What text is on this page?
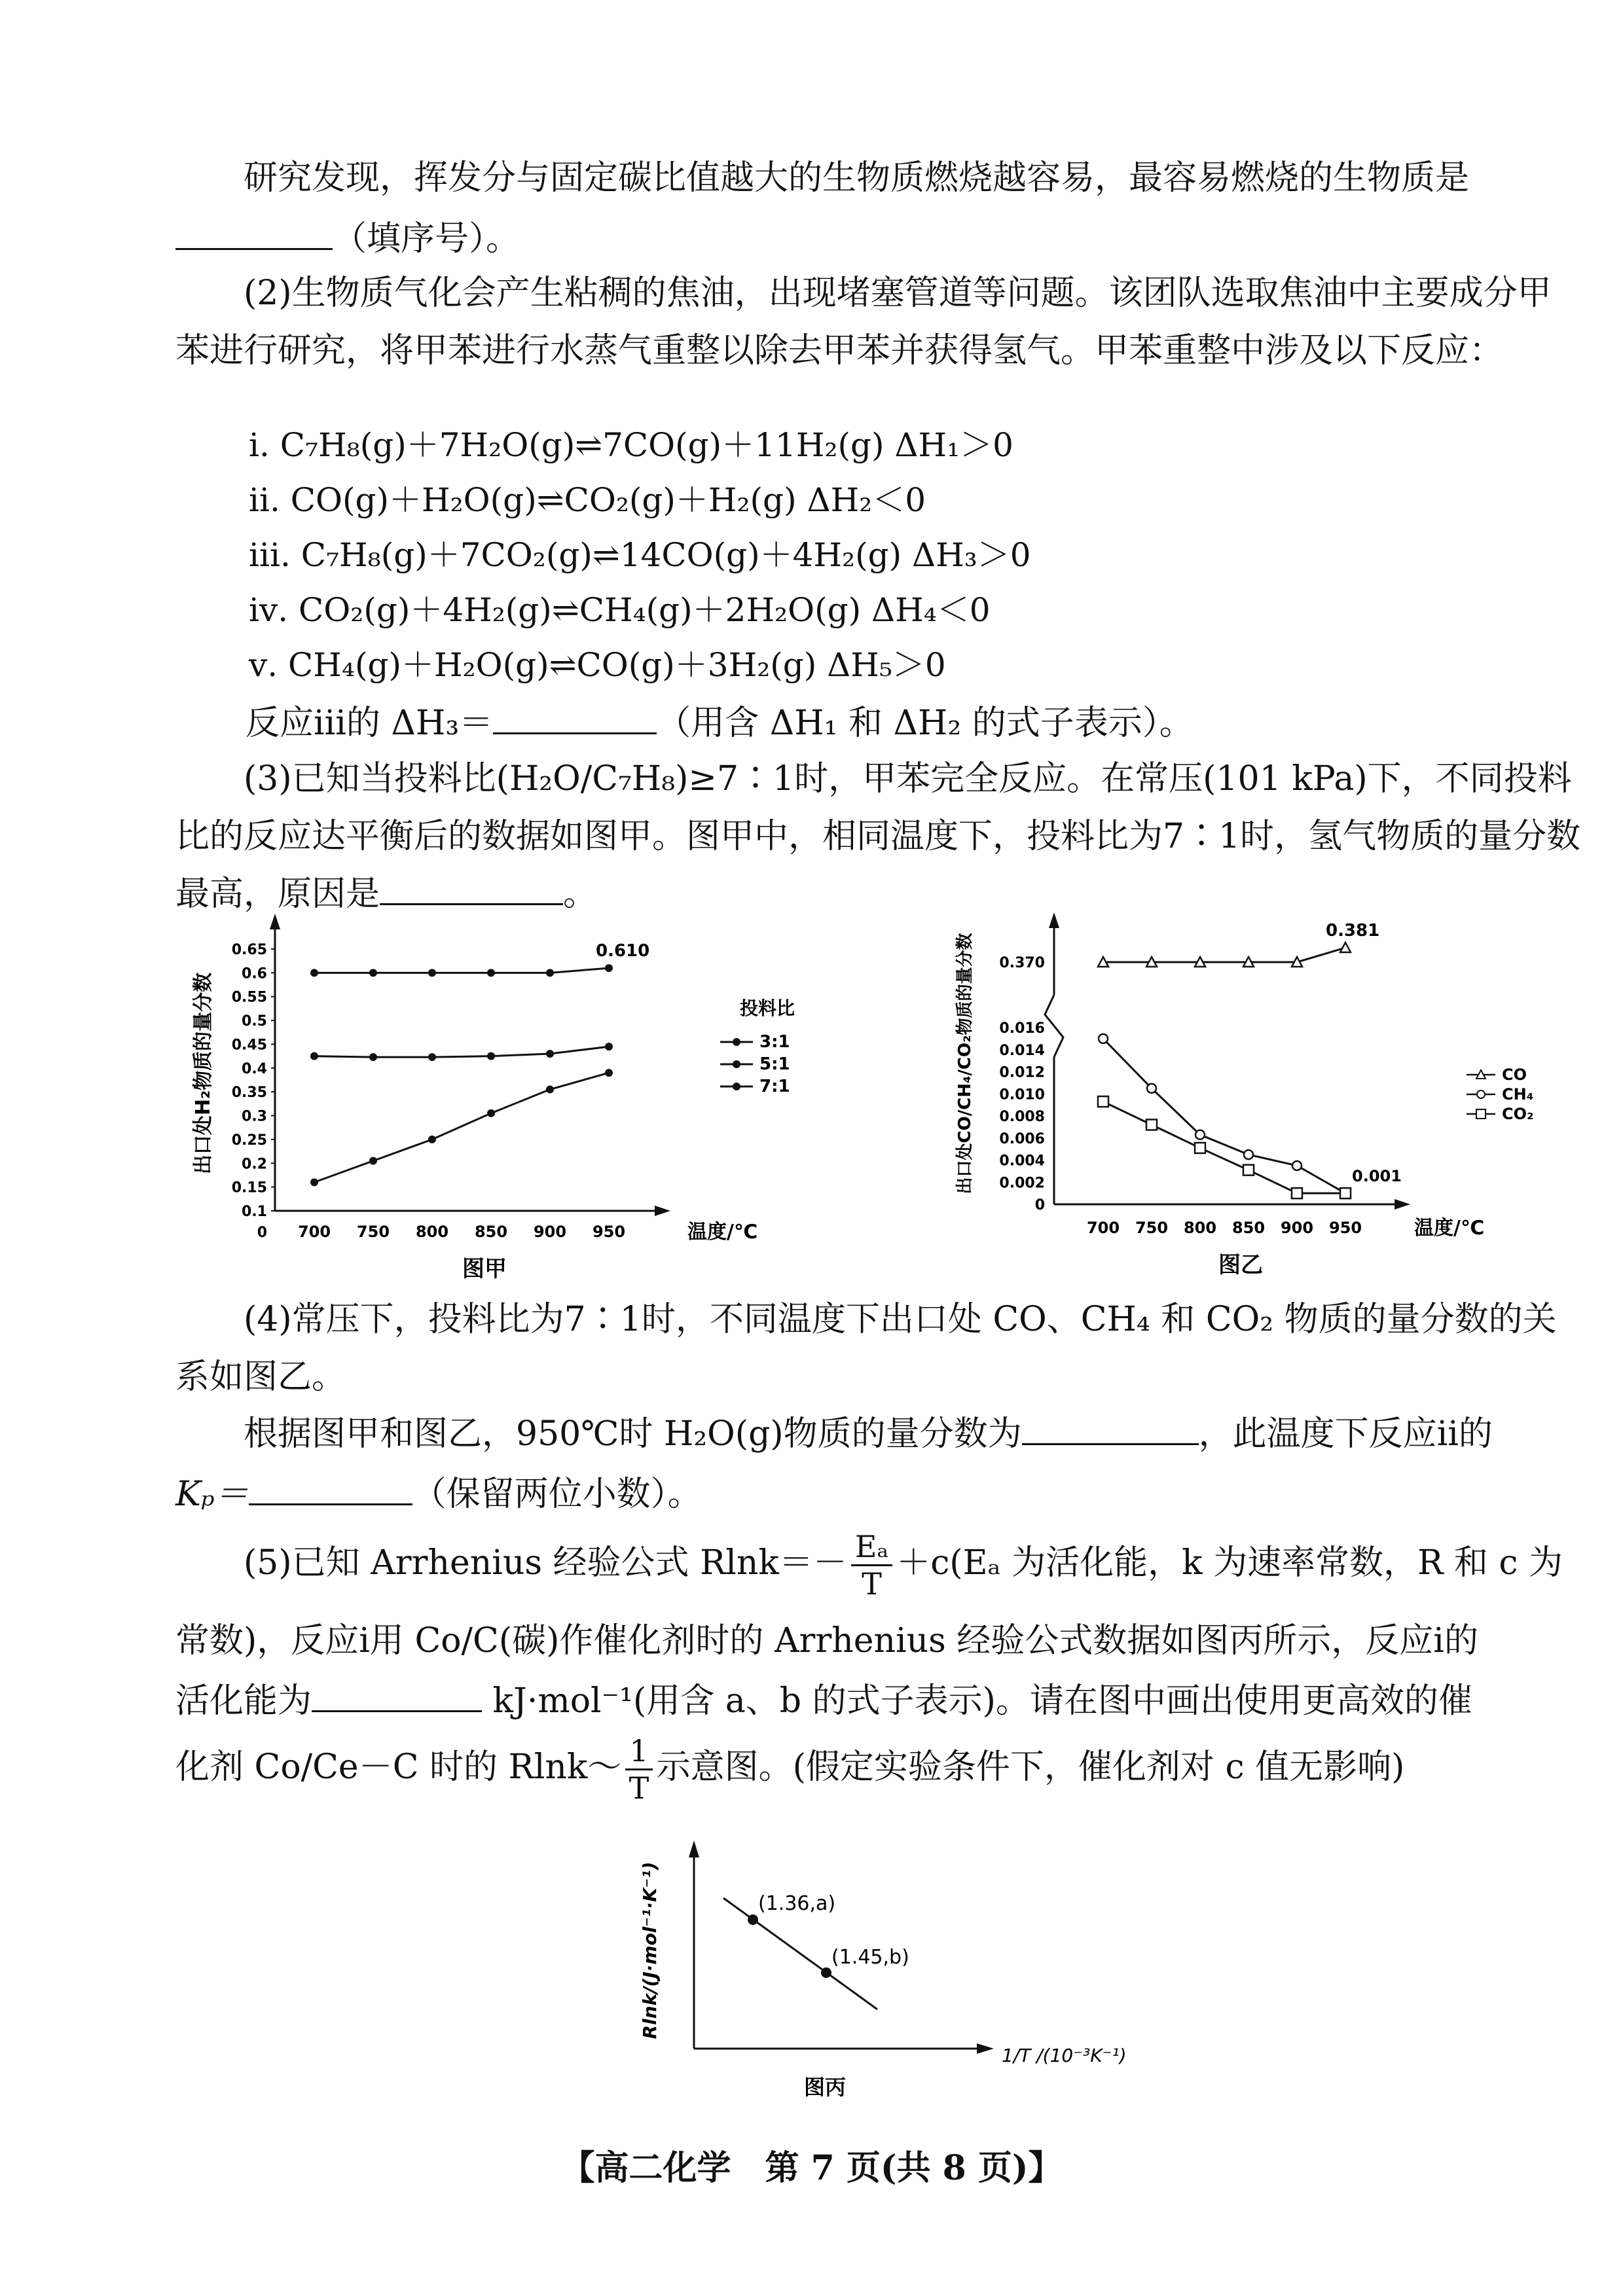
研究发现，挥发分与固定碳比值越大的生物质燃烧越容易，最容易燃烧的生物质是
（填序号）。
(2)生物质气化会产生粘稠的焦油，出现堵塞管道等问题。该团队选取焦油中主要成分甲苯进行研究，将甲苯进行水蒸气重整以除去甲苯并获得氢气。甲苯重整中涉及以下反应：
ⅰ. C₇H₈(g)＋7H₂O(g)⇌7CO(g)＋11H₂(g) ΔH₁＞0
ⅱ. CO(g)＋H₂O(g)⇌CO₂(g)＋H₂(g) ΔH₂＜0
ⅲ. C₇H₈(g)＋7CO₂(g)⇌14CO(g)＋4H₂(g) ΔH₃＞0
ⅳ. CO₂(g)＋4H₂(g)⇌CH₄(g)＋2H₂O(g) ΔH₄＜0
ⅴ. CH₄(g)＋H₂O(g)⇌CO(g)＋3H₂(g) ΔH₅＞0
反应ⅲ的 ΔH₃＝	（用含 ΔH₁ 和 ΔH₂ 的式子表示）。
(3)已知当投料比(H₂O/C₇H₈)≥7∶1时，甲苯完全反应。在常压(101 kPa)下，不同投料比的反应达平衡后的数据如图甲。图甲中，相同温度下，投料比为7∶1时，氢气物质的量分数最高，原因是	。
0.1
0.15
0.2
0.25
0.3
0.35
0.4
0.45
0.5
0.55
0.6
0.65
0 700 750 800 850 900 950	温度/℃
出口处H₂物质的量分数
图甲
0.610
投料比
3:1
5:1
7:1
0
0.002
0.004
0.006
0.008
0.010
0.012
0.014
0.016
0.370
700 750 800 850 900 950	温度/℃
出口处CO/CH₄/CO₂物质的量分数
图乙
0.381
0.001
CO
CH₄
CO₂
(4)常压下，投料比为7∶1时，不同温度下出口处 CO、CH₄ 和 CO₂ 物质的量分数的关系如图乙。
根据图甲和图乙，950℃时 H₂O(g)物质的量分数为	，此温度下反应ⅱ的
Kₚ＝	（保留两位小数）。
(5)已知 Arrhenius 经验公式 $Rlnk=- \frac{\text{Eₐ}}{T} +c(E_a$ 为活化能，k 为速率常数，R 和 c 为
常数)，反应ⅰ用 Co/C(碳)作催化剂时的 Arrhenius 经验公式数据如图丙所示，反应ⅰ的
活化能为	kJ·mol⁻¹(用含 a、b 的式子表示)。请在图中画出使用更高效的催
化剂 Co/Ce－C 时的 Rlnk～ $\frac{1}{T}$ 示意图。(假定实验条件下，催化剂对 c 值无影响)
(1.36,a)
(1.45,b)
Rlnk/(J·mol⁻¹·K⁻¹)
1/T /(10⁻³K⁻¹)
图丙
【高二化学　第 7 页(共 8 页)】
